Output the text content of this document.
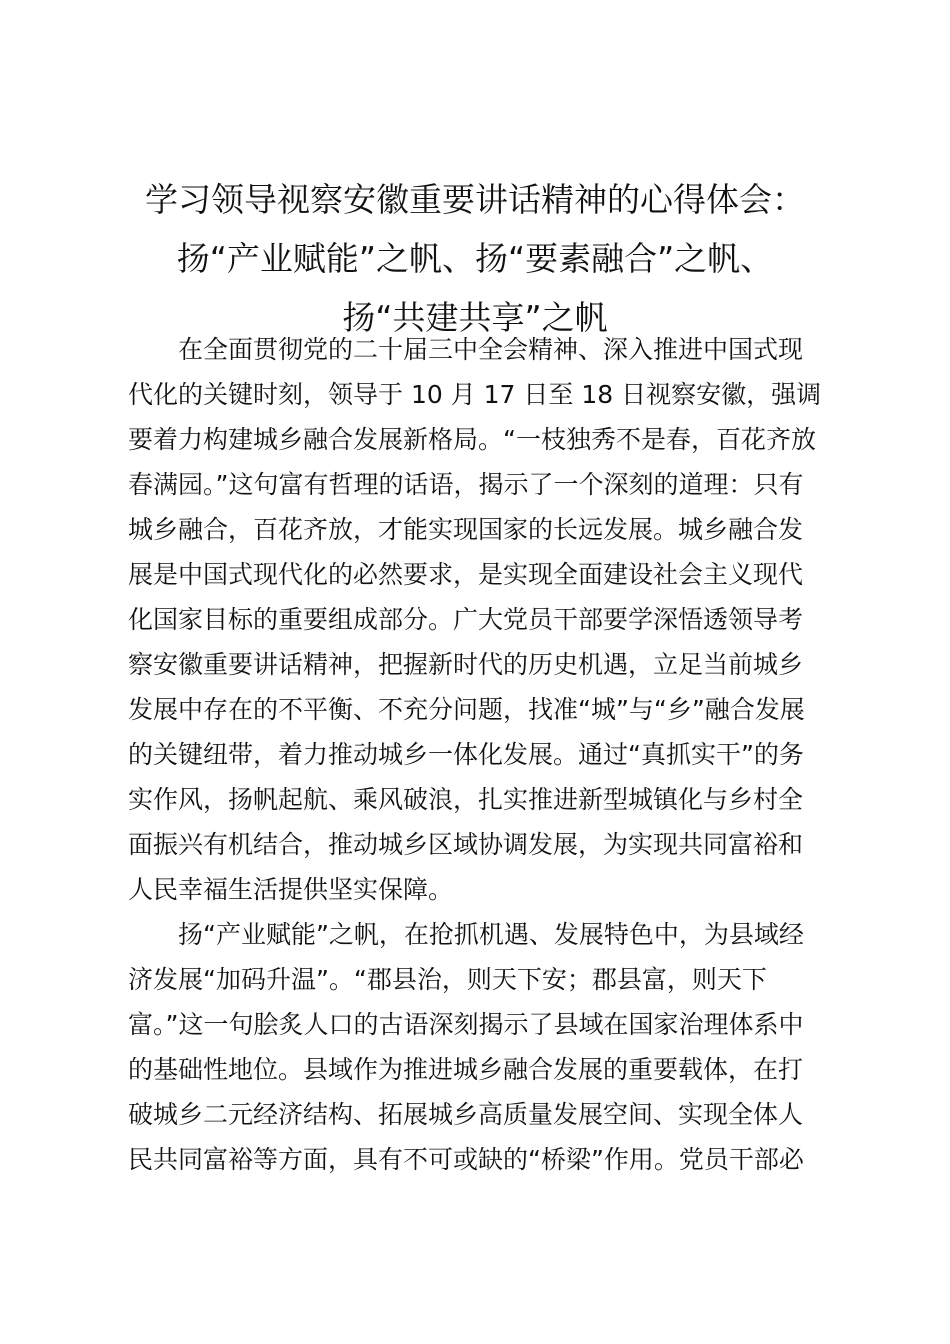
学习领导视察安徽重要讲话精神的心得体会：
扬“产业赋能”之帆、扬“要素融合”之帆、
扬“共建共享”之帆
在全面贯彻党的二十届三中全会精神、深入推进中国式现
代化的关键时刻，领导于 10 月 17 日至 18 日视察安徽，强调
要着力构建城乡融合发展新格局。“一枝独秀不是春，百花齐放
春满园。”这句富有哲理的话语，揭示了一个深刻的道理：只有
城乡融合，百花齐放，才能实现国家的长远发展。城乡融合发
展是中国式现代化的必然要求，是实现全面建设社会主义现代
化国家目标的重要组成部分。广大党员干部要学深悟透领导考
察安徽重要讲话精神，把握新时代的历史机遇，立足当前城乡
发展中存在的不平衡、不充分问题，找准“城”与“乡”融合发展
的关键纽带，着力推动城乡一体化发展。通过“真抓实干”的务
实作风，扬帆起航、乘风破浪，扎实推进新型城镇化与乡村全
面振兴有机结合，推动城乡区域协调发展，为实现共同富裕和
人民幸福生活提供坚实保障。
扬“产业赋能”之帆，在抢抓机遇、发展特色中，为县域经
济发展“加码升温”。“郡县治，则天下安；郡县富，则天下
富。”这一句脍炙人口的古语深刻揭示了县域在国家治理体系中
的基础性地位。县域作为推进城乡融合发展的重要载体，在打
破城乡二元经济结构、拓展城乡高质量发展空间、实现全体人
民共同富裕等方面，具有不可或缺的“桥梁”作用。党员干部必
